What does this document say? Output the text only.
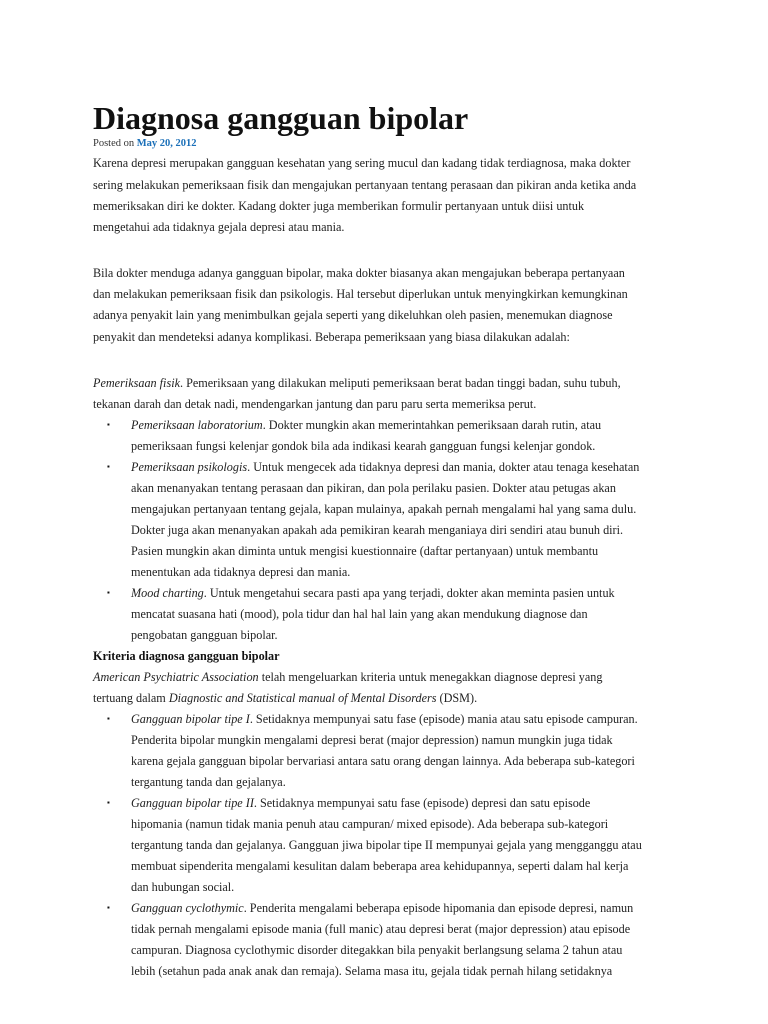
Diagnosa gangguan bipolar
Posted on May 20, 2012
Karena depresi merupakan gangguan kesehatan yang sering mucul dan kadang tidak terdiagnosa, maka dokter
sering melakukan pemeriksaan fisik dan mengajukan pertanyaan tentang perasaan dan pikiran anda ketika anda
memeriksakan diri ke dokter. Kadang dokter juga memberikan formulir pertanyaan untuk diisi untuk
mengetahui ada tidaknya gejala depresi atau mania.
Bila dokter menduga adanya gangguan bipolar, maka dokter biasanya akan mengajukan beberapa pertanyaan
dan melakukan pemeriksaan fisik dan psikologis. Hal tersebut diperlukan untuk menyingkirkan kemungkinan
adanya penyakit lain yang menimbulkan gejala seperti yang dikeluhkan oleh pasien, menemukan diagnose
penyakit dan mendeteksi adanya komplikasi. Beberapa pemeriksaan yang biasa dilakukan adalah:
Pemeriksaan fisik. Pemeriksaan yang dilakukan meliputi pemeriksaan berat badan tinggi badan, suhu tubuh,
tekanan darah dan detak nadi, mendengarkan jantung dan paru paru serta memeriksa perut.
▪ Pemeriksaan laboratorium. Dokter mungkin akan memerintahkan pemeriksaan darah rutin, atau
pemeriksaan fungsi kelenjar gondok bila ada indikasi kearah gangguan fungsi kelenjar gondok.
▪ Pemeriksaan psikologis. Untuk mengecek ada tidaknya depresi dan mania, dokter atau tenaga kesehatan
akan menanyakan tentang perasaan dan pikiran, dan pola perilaku pasien. Dokter atau petugas akan
mengajukan pertanyaan tentang gejala, kapan mulainya, apakah pernah mengalami hal yang sama dulu.
Dokter juga akan menanyakan apakah ada pemikiran kearah menganiaya diri sendiri atau bunuh diri.
Pasien mungkin akan diminta untuk mengisi kuestionnaire (daftar pertanyaan) untuk membantu
menentukan ada tidaknya depresi dan mania.
▪ Mood charting. Untuk mengetahui secara pasti apa yang terjadi, dokter akan meminta pasien untuk
mencatat suasana hati (mood), pola tidur dan hal hal lain yang akan mendukung diagnose dan
pengobatan gangguan bipolar.
Kriteria diagnosa gangguan bipolar
American Psychiatric Association telah mengeluarkan kriteria untuk menegakkan diagnose depresi yang
tertuang dalam Diagnostic and Statistical manual of Mental Disorders (DSM).
▪ Gangguan bipolar tipe I. Setidaknya mempunyai satu fase (episode) mania atau satu episode campuran.
Penderita bipolar mungkin mengalami depresi berat (major depression) namun mungkin juga tidak
karena gejala gangguan bipolar bervariasi antara satu orang dengan lainnya. Ada beberapa sub-kategori
tergantung tanda dan gejalanya.
▪ Gangguan bipolar tipe II. Setidaknya mempunyai satu fase (episode) depresi dan satu episode
hipomania (namun tidak mania penuh atau campuran/ mixed episode). Ada beberapa sub-kategori
tergantung tanda dan gejalanya. Gangguan jiwa bipolar tipe II mempunyai gejala yang mengganggu atau
membuat sipenderita mengalami kesulitan dalam beberapa area kehidupannya, seperti dalam hal kerja
dan hubungan social.
▪ Gangguan cyclothymic. Penderita mengalami beberapa episode hipomania dan episode depresi, namun
tidak pernah mengalami episode mania (full manic) atau depresi berat (major depression) atau episode
campuran. Diagnosa cyclothymic disorder ditegakkan bila penyakit berlangsung selama 2 tahun atau
lebih (setahun pada anak anak dan remaja). Selama masa itu, gejala tidak pernah hilang setidaknya
